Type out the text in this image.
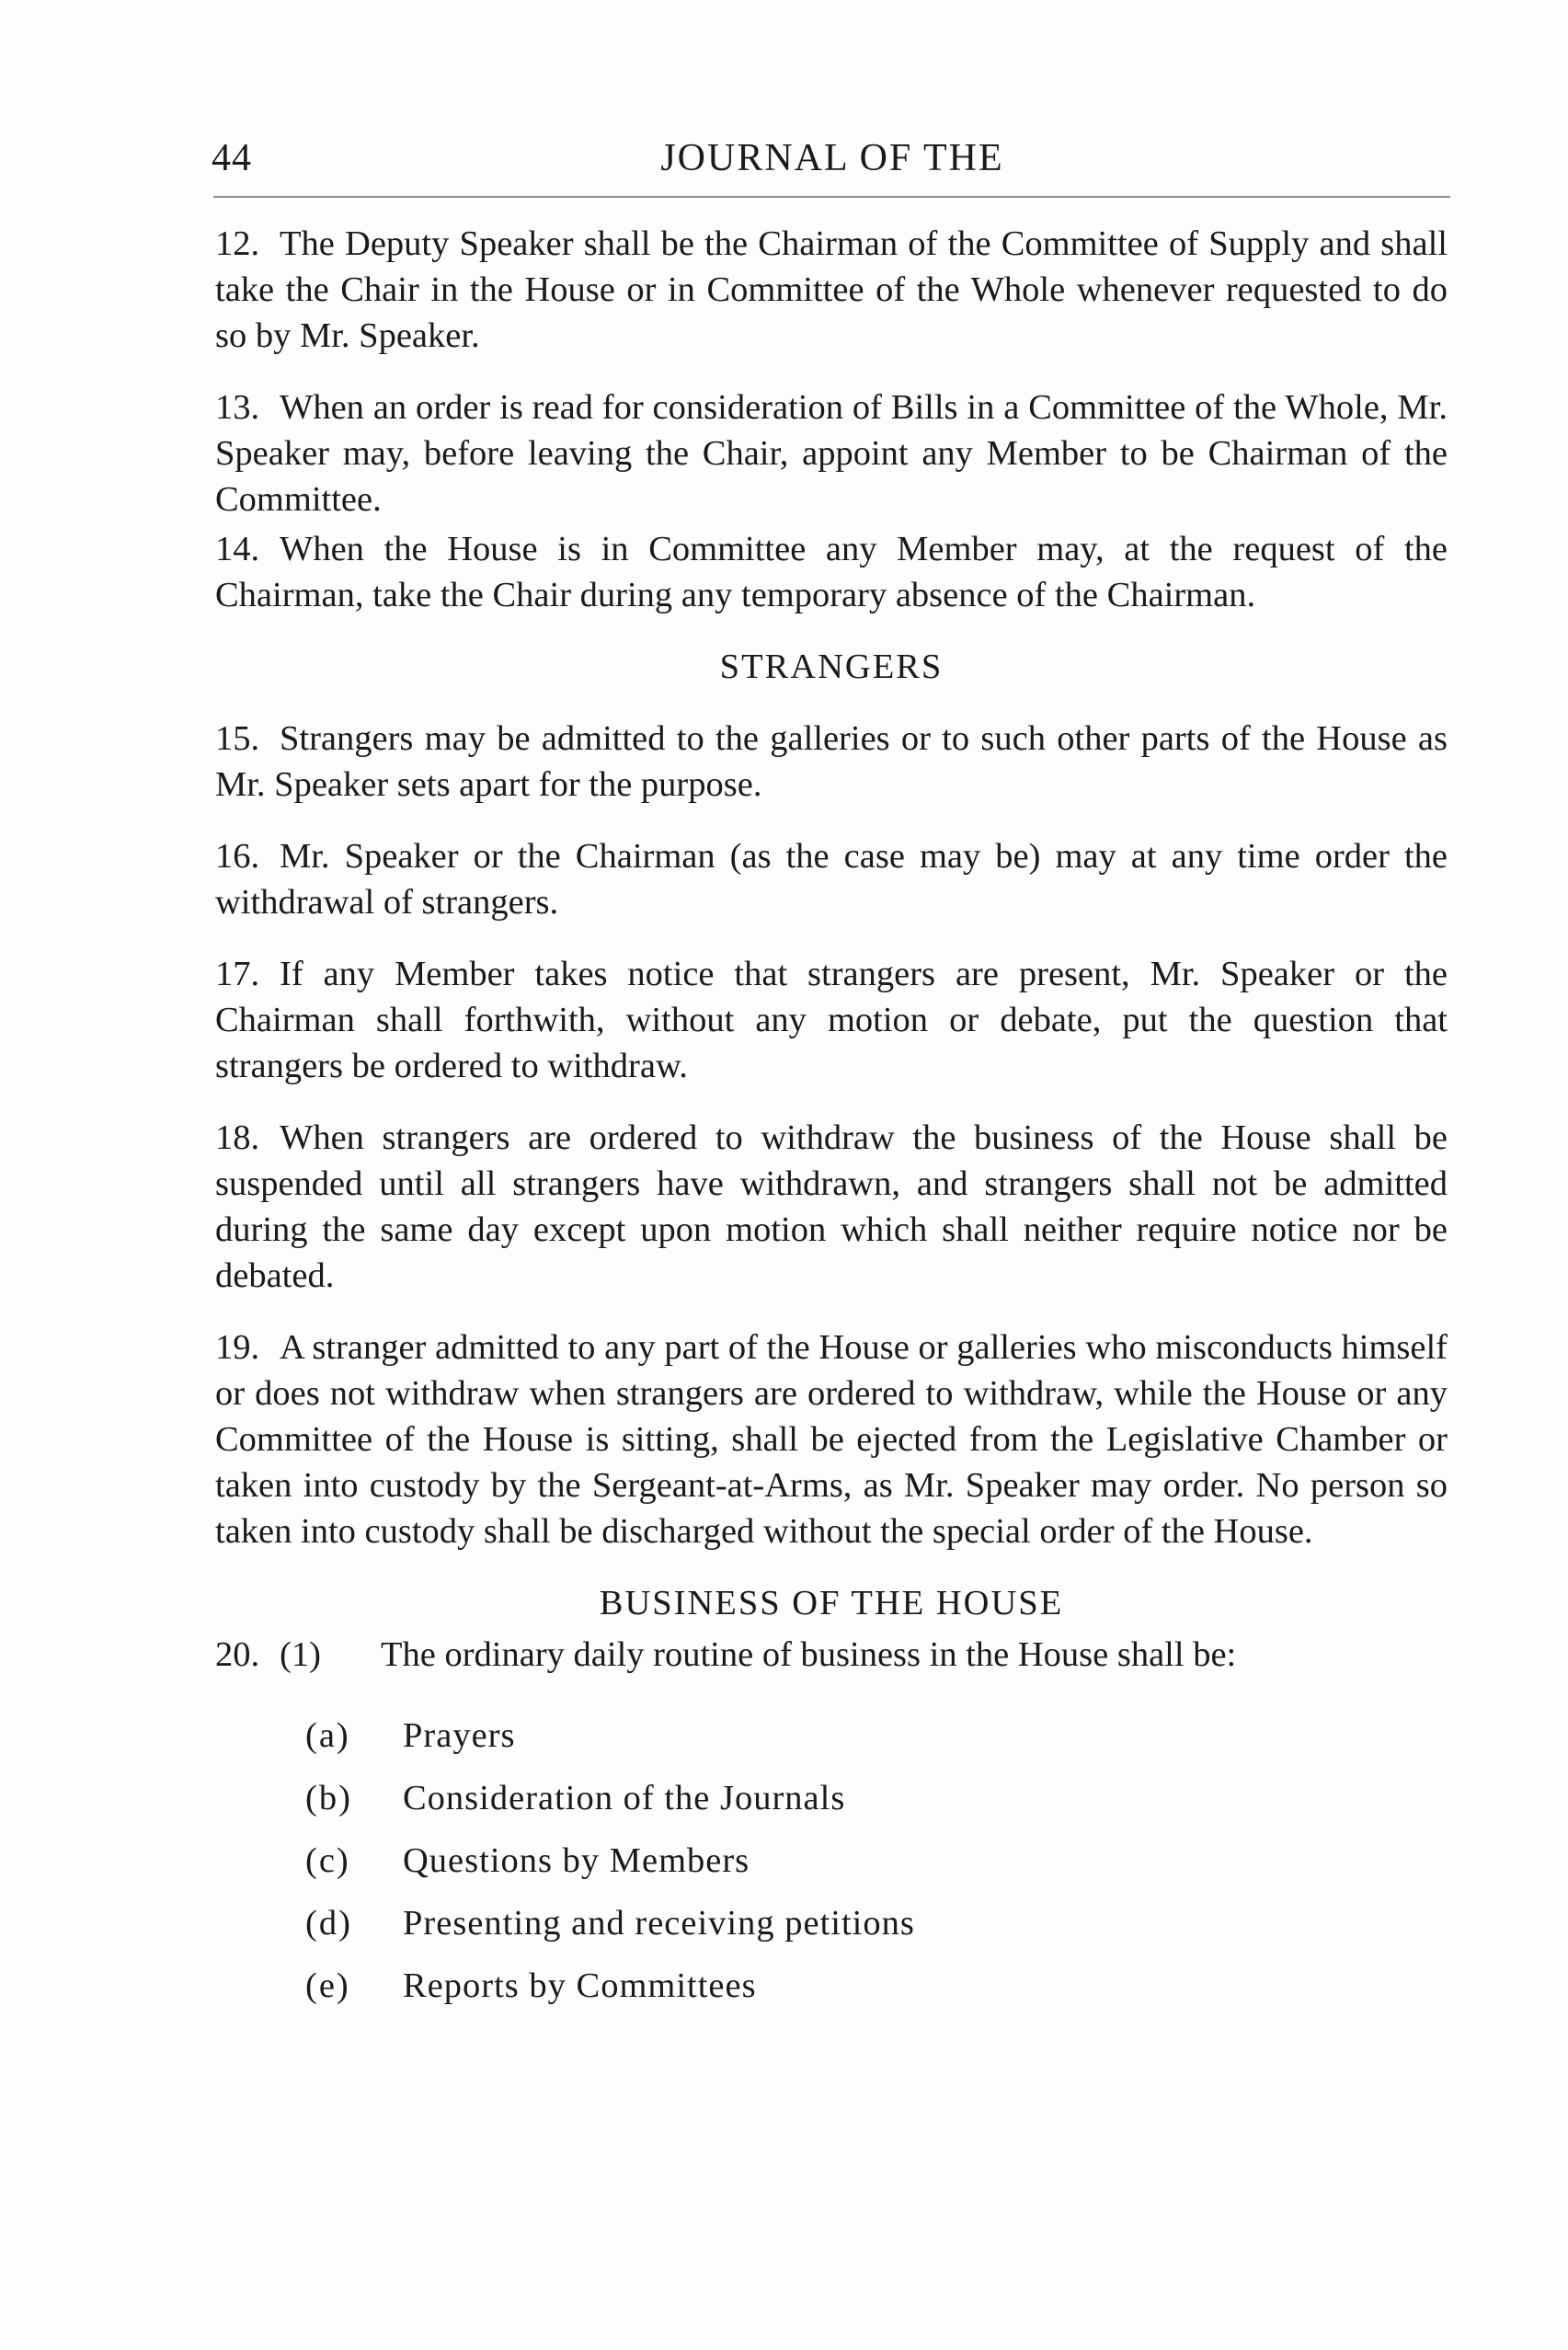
44	JOURNAL OF THE

12. The Deputy Speaker shall be the Chairman of the Committee of Supply and shall take the Chair in the House or in Committee of the Whole whenever requested to do so by Mr. Speaker.

13. When an order is read for consideration of Bills in a Committee of the Whole, Mr. Speaker may, before leaving the Chair, appoint any Member to be Chairman of the Committee.

14. When the House is in Committee any Member may, at the request of the Chairman, take the Chair during any temporary absence of the Chairman.

STRANGERS

15. Strangers may be admitted to the galleries or to such other parts of the House as Mr. Speaker sets apart for the purpose.

16. Mr. Speaker or the Chairman (as the case may be) may at any time order the withdrawal of strangers.

17. If any Member takes notice that strangers are present, Mr. Speaker or the Chairman shall forthwith, without any motion or debate, put the question that strangers be ordered to withdraw.

18. When strangers are ordered to withdraw the business of the House shall be suspended until all strangers have withdrawn, and strangers shall not be admitted during the same day except upon motion which shall neither require notice nor be debated.

19. A stranger admitted to any part of the House or galleries who misconducts himself or does not withdraw when strangers are ordered to withdraw, while the House or any Committee of the House is sitting, shall be ejected from the Legislative Chamber or taken into custody by the Sergeant-at-Arms, as Mr. Speaker may order. No person so taken into custody shall be discharged without the special order of the House.

BUSINESS OF THE HOUSE

20. (1) The ordinary daily routine of business in the House shall be:

(a)	Prayers
(b)	Consideration of the Journals
(c)	Questions by Members
(d)	Presenting and receiving petitions
(e)	Reports by Committees
